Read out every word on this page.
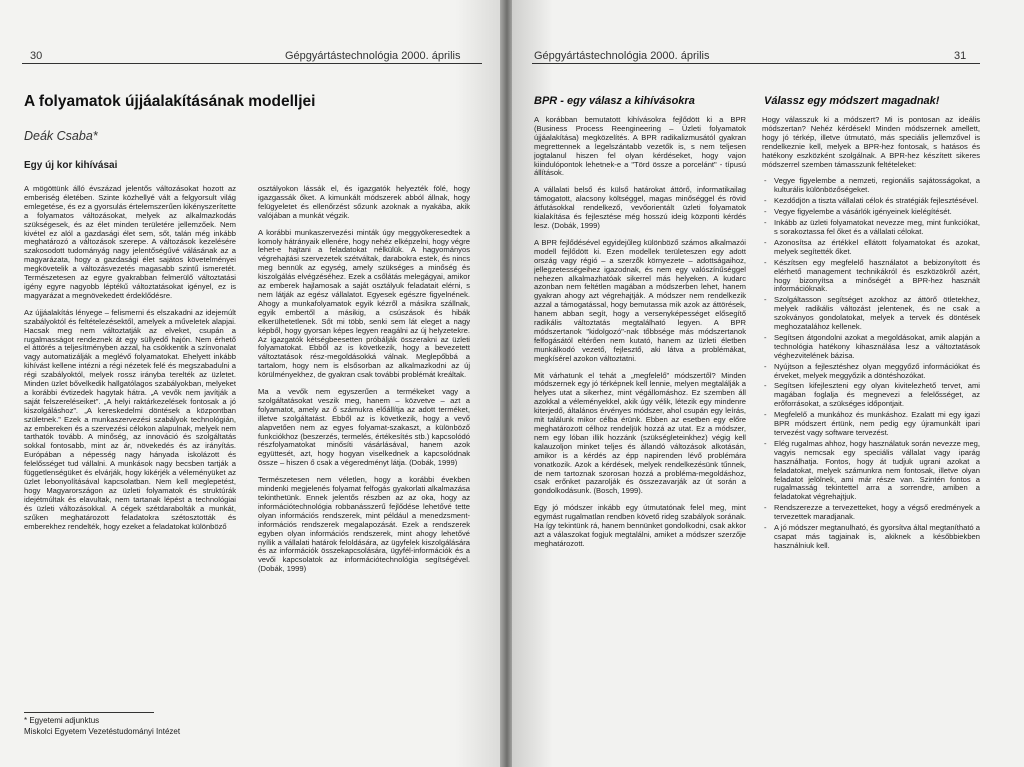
30	Gépgyártástechnológia 2000. április
A folyamatok újjáalakításának modelljei
Deák Csaba*
Egy új kor kihívásai

A mögöttünk álló évszázad jelentős változásokat hozott az emberiség életében. Szinte közhellyé vált a felgyorsult világ emlegetése, és ez a gyorsulás értelemszerűen kikényszerítette a folyamatos változásokat, melyek az alkalmazkodás szükségesek, és az élet minden területére jellemzőek. Nem kivétel ez alól a gazdasági élet sem, sőt, talán még inkább meghatározó a változások szerepe. A változások kezelésére szakosodott tudományág nagy jelentőségűvé válásának az a magyarázata, hogy a gazdasági élet sajátos követelményei megkövetelik a változásvezetés magasabb szintű ismeretét. Természetesen az egyre gyakrabban felmerülő változtatási igény egyre nagyobb léptékű változtatásokat igényel, ez is magyarázat a megnövekedett érdeklődésre.

Az újjáalakítás lényege – felismerni és elszakadni az idejemúlt szabályoktól és feltételezésektől, amelyek a műveletek alapjai. Hacsak meg nem változtatják az elveket, csupán a rugalmasságot rendeznek át egy süllyedő hajón. Nem érhető el áttörés a teljesítményben azzal, ha csökkentik a színvonalat vagy automatizálják a meglévő folyamatokat. Ehelyett inkább kihívást kellene intézni a régi nézetek felé és megszabadulni a régi szabályoktól, melyek rossz irányba terelték az üzletet. Minden üzlet bővelkedik hallgatólagos szabályokban, melyeket a korábbi évtizedek hagytak hátra. „A vevők nem javítják a saját felszereléseiket”. „A helyi raktárkezelések fontosak a jó kiszolgáláshoz”. „A kereskedelmi döntések a központban születnek.” Ezek a munkaszervezési szabályok technológián, az embereken és a szervezési célokon alapulnak, melyek nem tarthatók tovább. A minőség, az innováció és szolgáltatás sokkal fontosabb, mint az ár, növekedés és az irányítás. Európában a népesség nagy hányada iskolázott és felelősséget tud vállalni. A munkások nagy becsben tartják a függetlenségüket és elvárják, hogy kikérjék a véleményüket az üzlet lebonyolításával kapcsolatban. Nem kell meglepetést, hogy Magyarországon az üzleti folyamatok és struktúrák idejétmúltak és elavultak, nem tartanak lépést a technológiai és üzleti változásokkal. A cégek szétdarabolták a munkát, szűken meghatározott feladatokra szétosztották és emberekhez rendelték, hogy ezeket a feladatokat különböző

osztályokon lássák el, és igazgatók helyezték fölé, hogy igazgassák őket. A kimunkált módszerek abból állnak, hogy felügyeletet és ellenőrzést sőzunk azoknak a nyakába, akik valójában a munkát végzik.

A korábbi munkaszervezési minták úgy meggyökeresedtek a komoly hátrányaik ellenére, hogy nehéz elképzelni, hogy végre lehet-e hajtani a feladatokat nélkülük. A hagyományos végrehajtási szervezetek szétváltak, darabokra estek, és nincs meg bennük az egység, amely szükséges a minőség és kiszolgálás elvégzéséhez. Ezek a csőlátás melegágyai, amikor az emberek hajlamosak a saját osztályuk feladatait elérni, s nem látják az egész vállalatot. Egyesek egészre figyelnének. Ahogy a munkafolyamatok egyik kézről a másikra szállnak, egyik embertől a másikig, a csúszások és hibák elkerülhetetlenek. Sőt mi több, senki sem lát eleget a nagy képből, hogy gyorsan képes legyen reagálni az új helyzetekre. Az igazgatók kétségbeesetten próbálják összerakni az üzleti folyamatokat. Ebből az is következik, hogy a bevezetett változtatások rész-megoldásokká válnak. Meglepőbbá a tartalom, hogy nem is elsősorban az alkalmazkodni az új körülményekhez, de gyakran csak további problémát kreáltak.

Ma a vevők nem egyszerűen a termékeket vagy a szolgáltatásokat veszik meg, hanem – közvetve – azt a folyamatot, amely az ő számukra előállítja az adott terméket, illetve szolgáltatást. Ebből az is következik, hogy a vevő alapvetően nem az egyes folyamat-szakaszt, a különböző funkciókhoz (beszerzés, termelés, értékesítés stb.) kapcsolódó részfolyamatokat minősíti vásárlásával, hanem azok együttesét, azt, hogy hogyan viselkednek a kapcsolódnak össze – hiszen ő csak a végeredményt látja. (Dobák, 1999)

Természetesen nem véletlen, hogy a korábbi években mindenki megjelenés folyamat felfogás gyakorlati alkalmazása tekinthetünk. Ennek jelentős részben az az oka, hogy az információtechnológia robbanásszerű fejlődése lehetővé tette olyan információs rendszerek, mint például a menedzsment-információs rendszerek megalapozását. Ezek a rendszerek egyben olyan információs rendszerek, mint ahogy lehetővé nyílik a vállalati határok feloldására, az ügyfelek kiszolgálására és az információk összekapcsolására, ügyfél-információk és a vevői kapcsolatok az információtechnológia segítségével. (Dobák, 1999)

* Egyetemi adjunktus
Miskolci Egyetem Vezetéstudományi Intézet
Gépgyártástechnológia 2000. április	31
BPR - egy válasz a kihívásokra

A korábban bemutatott kihívásokra fejlődött ki a BPR (Business Process Reengineering – Üzleti folyamatok újjáalakítása) megközelítés. A BPR radikalizmusától gyakran megrettennek a legelszántabb vezetők is, s nem teljesen jogtalanul hiszen fel olyan kérdéseket, hogy vajon kiindulópontok lehetnek-e a "Törd össze a porcelánt" - típusú állítások.

A vállalati belső és külső határokat áttörő, informatikailag támogatott, alacsony költséggel, magas minőséggel és rövid átfutásokkal rendelkező, vevőorientált üzleti folyamatok kialakítása és fejlesztése még hosszú ideig központi kérdés lesz. (Dobák, 1999)

A BPR fejlődésével egyidejűleg különböző számos alkalmazói modell fejlődött ki. Ezen modellek területeszen egy adott ország vagy régió – a szerzők környezete – adottságaihoz, jellegzetességeihez igazodnak, és nem egy valószínűséggel nehezen alkalmazhatóak sikerrel más helyeken. A kudarc azonban nem feltétlen magában a módszerben lehet, hanem gyakran ahogy azt végrehajtják. A módszer nem rendelkezik azzal a támogatással, hogy bemutassa mik azok az áttörések, hanem abban segít, hogy a versenyképességet elősegítő radikális változtatás megtalálható legyen. A BPR módszertanok "kidolgozó"-nak tőbbsége más módszertanok felfogásától eltérően nem kutató, hanem az üzleti életben munkálkodó vezető, fejlesztő, aki látva a problémákat, megkísérel azokon változtatni.

Mit várhatunk el tehát a „megfelelő” módszertől? Minden módszernek egy jó térképnek kell lennie, melyen megtalálják a helyes utat a sikerhez, mint végállomáshoz. Ez szemben áll azokkal a véleményekkel, akik úgy vélik, létezik egy mindenre kiterjedő, általános érvényes módszer, ahol csupán egy leírás, mit találunk mikor célba érünk. Ebben az esetben egy előre meghatározott célhoz rendeljük hozzá az utat. Ez a módszer, nem egy lóban illik hozzánk (szükségleteinkhez) végig kell kalauzoljon minket teljes és állandó változások alkotásán, amikor is a kérdés az épp napirenden lévő problémára vonatkozik. Azok a kérdések, melyek rendelkezésünk tűnnek, de nem tartoznak szorosan hozzá a probléma-megoldáshoz, csak erőnket pazarolják és összezavarják az út során a gondolkodásunk. (Bosch, 1999).

Egy jó módszer inkább egy útmutatónak felel meg, mint egymást rugalmatlan rendben követő rideg szabályok sorának. Ha így tekintünk rá, hanem bennünket gondolkodni, csak akkor azt a válaszokat fogjuk megtalálni, amiket a módszer szerzője meghatározott.

Válassz egy módszert magadnak!

Hogy válasszuk ki a módszert? Mi is pontosan az ideális módszertan? Nehéz kérdések! Minden módszernek amellett, hogy jó térkép, illetve útmutató, más speciális jellemzővel is rendelkeznie kell, melyek a BPR-hez fontosak, s hatásos és hatékony eszközként szolgálnak. A BPR-hez készített sikeres módszerrel szemben támasszunk feltételeket:

- Vegye figyelembe a nemzeti, regionális sajátosságokat, a kulturális különbözőségeket.
- Kezdődjön a tiszta vállalati célok és stratégiák fejlesztésével.
- Vegye figyelembe a vásárlók igényeinek kielégítését.
- Inkább az üzleti folyamatokat nevezze meg, mint funkciókat, s sorakoztassa fel őket és a vállalati célokat.
- Azonosítsa az értékkel ellátott folyamatokat és azokat, melyek segítették őket.
- Készítsen egy megfelelő használatot a bebizonyított és elérhető management technikákról és eszközökről azért, hogy bizonyítsa a minőségét a BPR-hez használt információknak.
- Szolgáltasson segítséget azokhoz az áttörő ötletekhez, melyek radikális változást jelentenek, és ne csak a szokványos gondolatokat, melyek a tervek és döntések meghozatalához kellenek.
- Segítsen átgondolni azokat a megoldásokat, amik alapján a technológia hatékony kihasználása lesz a változtatások véghezvitelének bázisa.
- Nyújtson a fejlesztéshez olyan meggyőző információkat és érveket, melyek meggyőzik a döntéshozókat.
- Segítsen kifejleszteni egy olyan kivitelezhető tervet, ami magában foglalja és megnevezi a felelősséget, az erőforrásokat, a szükséges időpontjait.
- Megfelelő a munkához és munkáshoz. Ezalatt mi egy igazi BPR módszert értünk, nem pedig egy újramunkált ipari tervezést vagy software tervezést.
- Elég rugalmas ahhoz, hogy használatuk során nevezze meg, vagyis nemcsak egy speciális vállalat vagy iparág használhatja. Fontos, hogy át tudjuk ugrani azokat a feladatokat, melyek számunkra nem fontosak, illetve olyan feladatot jelölnek, ami már része van. Szintén fontos a rugalmasság tekintettel arra a sorrendre, amiben a feladatokat végrehajtjuk.
- Rendszerezze a tervezetteket, hogy a végső eredmények a tervezettek maradjanak.
- A jó módszer megtanulható, és gyorsítva által megtanítható a csapat más tagjainak is, akiknek a későbbiekben használniuk kell.
